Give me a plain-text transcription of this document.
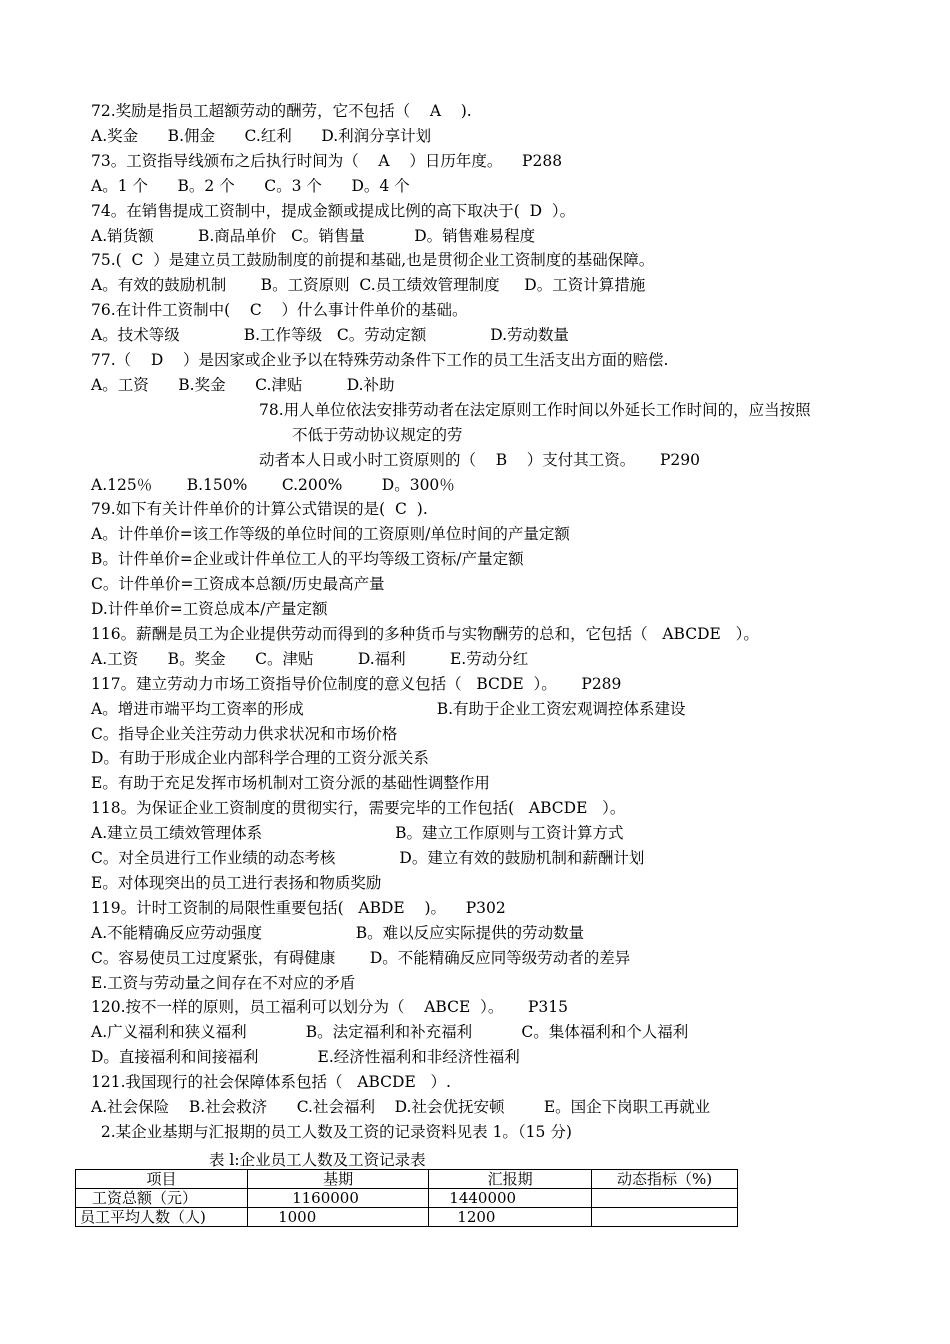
72.奖励是指员工超额劳动的酬劳，它不包括（    A    ).
A.奖金      B.佣金      C.红利      D.利润分享计划
73。工资指导线颁布之后执行时间为（    A    ）日历年度。    P288
A。1 个      B。2 个      C。3 个      D。4 个
74。在销售提成工资制中，提成金额或提成比例的高下取决于(  D  ）。
A.销货额         B.商品单价   C。销售量          D。销售难易程度
75.(  C  ）是建立员工鼓励制度的前提和基础,也是贯彻企业工资制度的基础保障。
A。有效的鼓励机制       B。工资原则  C.员工绩效管理制度     D。工资计算措施
76.在计件工资制中(    C    ）什么事计件单价的基础。
A。技术等级             B.工作等级   C。劳动定额             D.劳动数量
77.（    D    ）是因家或企业予以在特殊劳动条件下工作的员工生活支出方面的赔偿.
A。工资      B.奖金      C.津贴         D.补助
78.用人单位依法安排劳动者在法定原则工作时间以外延长工作时间的，应当按照
不低于劳动协议规定的劳
动者本人日或小时工资原则的（    B    ）支付其工资。     P290
A.125％       B.150%       C.200%        D。300％
79.如下有关计件单价的计算公式错误的是(  C  ).
A。计件单价=该工作等级的单位时间的工资原则/单位时间的产量定额
B。计件单价=企业或计件单位工人的平均等级工资标/产量定额
C。计件单价=工资成本总额/历史最高产量
D.计件单价=工资总成本/产量定额
116。薪酬是员工为企业提供劳动而得到的多种货币与实物酬劳的总和，它包括（   ABCDE   ）。
A.工资      B。奖金      C。津贴         D.福利         E.劳动分红
117。建立劳动力市场工资指导价位制度的意义包括（   BCDE  ）。     P289
A。增进市端平均工资率的形成                           B.有助于企业工资宏观调控体系建设
C。指导企业关注劳动力供求状况和市场价格
D。有助于形成企业内部科学合理的工资分派关系
E。有助于充足发挥市场机制对工资分派的基础性调整作用
118。为保证企业工资制度的贯彻实行，需要完毕的工作包括(   ABCDE   ）。
A.建立员工绩效管理体系                           B。建立工作原则与工资计算方式
C。对全员进行工作业绩的动态考核             D。建立有效的鼓励机制和薪酬计划
E。对体现突出的员工进行表扬和物质奖励
119。计时工资制的局限性重要包括(   ABDE    )。    P302
A.不能精确反应劳动强度                   B。难以反应实际提供的劳动数量
C。容易使员工过度紧张，有碍健康       D。不能精确反应同等级劳动者的差异
E.工资与劳动量之间存在不对应的矛盾
120.按不一样的原则，员工福利可以划分为（    ABCE  ）。     P315
A.广义福利和狭义福利            B。法定福利和补充福利          C。集体福利和个人福利
D。直接福利和间接福利            E.经济性福利和非经济性福利
121.我国现行的社会保障体系包括（   ABCDE   ）.
A.社会保险    B.社会救济      C.社会福利    D.社会优抚安顿        E。国企下岗职工再就业
2.某企业基期与汇报期的员工人数及工资的记录资料见表 1。（15 分)
表 l:企业员工人数及工资记录表
项目	基期	汇报期	动态指标（%)
工资总额（元）	1160000	1440000	
员工平均人数（人)	1000	1200	
